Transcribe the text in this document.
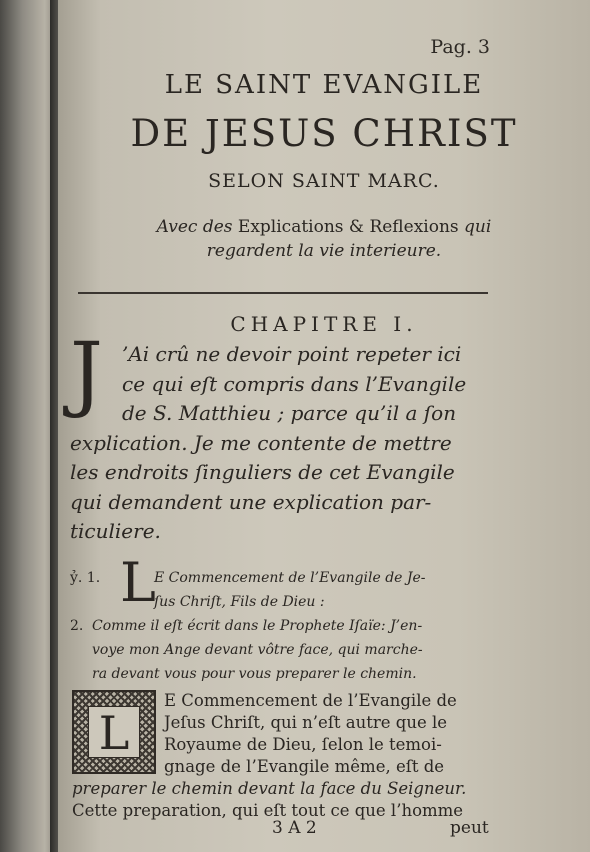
Pag. 3
LE SAINT EVANGILE
DE JESUS CHRIST
SELON SAINT MARC.
Avec des Explications & Reflexions qui
regardent la vie interieure.
CHAPITRE I.
J ’Ai crû ne devoir point repeter ici
ce qui eſt compris dans l’Evangile
de S. Matthieu ; parce qu’il a ſon
explication. Je me contente de mettre
les endroits ſinguliers de cet Evangile
qui demandent une explication par-
ticuliere.
ỷ. 1. L
E Commencement de l’Evangile de Je-
ſus Chriſt, Fils de Dieu :
2. Comme il eſt écrit dans le Prophete Iſaïe: J’en-
voye mon Ange devant vôtre face, qui marche-
ra devant vous pour vous preparer le chemin.
L
E Commencement de l’Evangile de
Jeſus Chriſt, qui n’eſt autre que le
Royaume de Dieu, ſelon le temoi-
gnage de l’Evangile même, eſt de
preparer le chemin devant la face du Seigneur.
Cette preparation, qui eſt tout ce que l’homme
3 A 2	peut
